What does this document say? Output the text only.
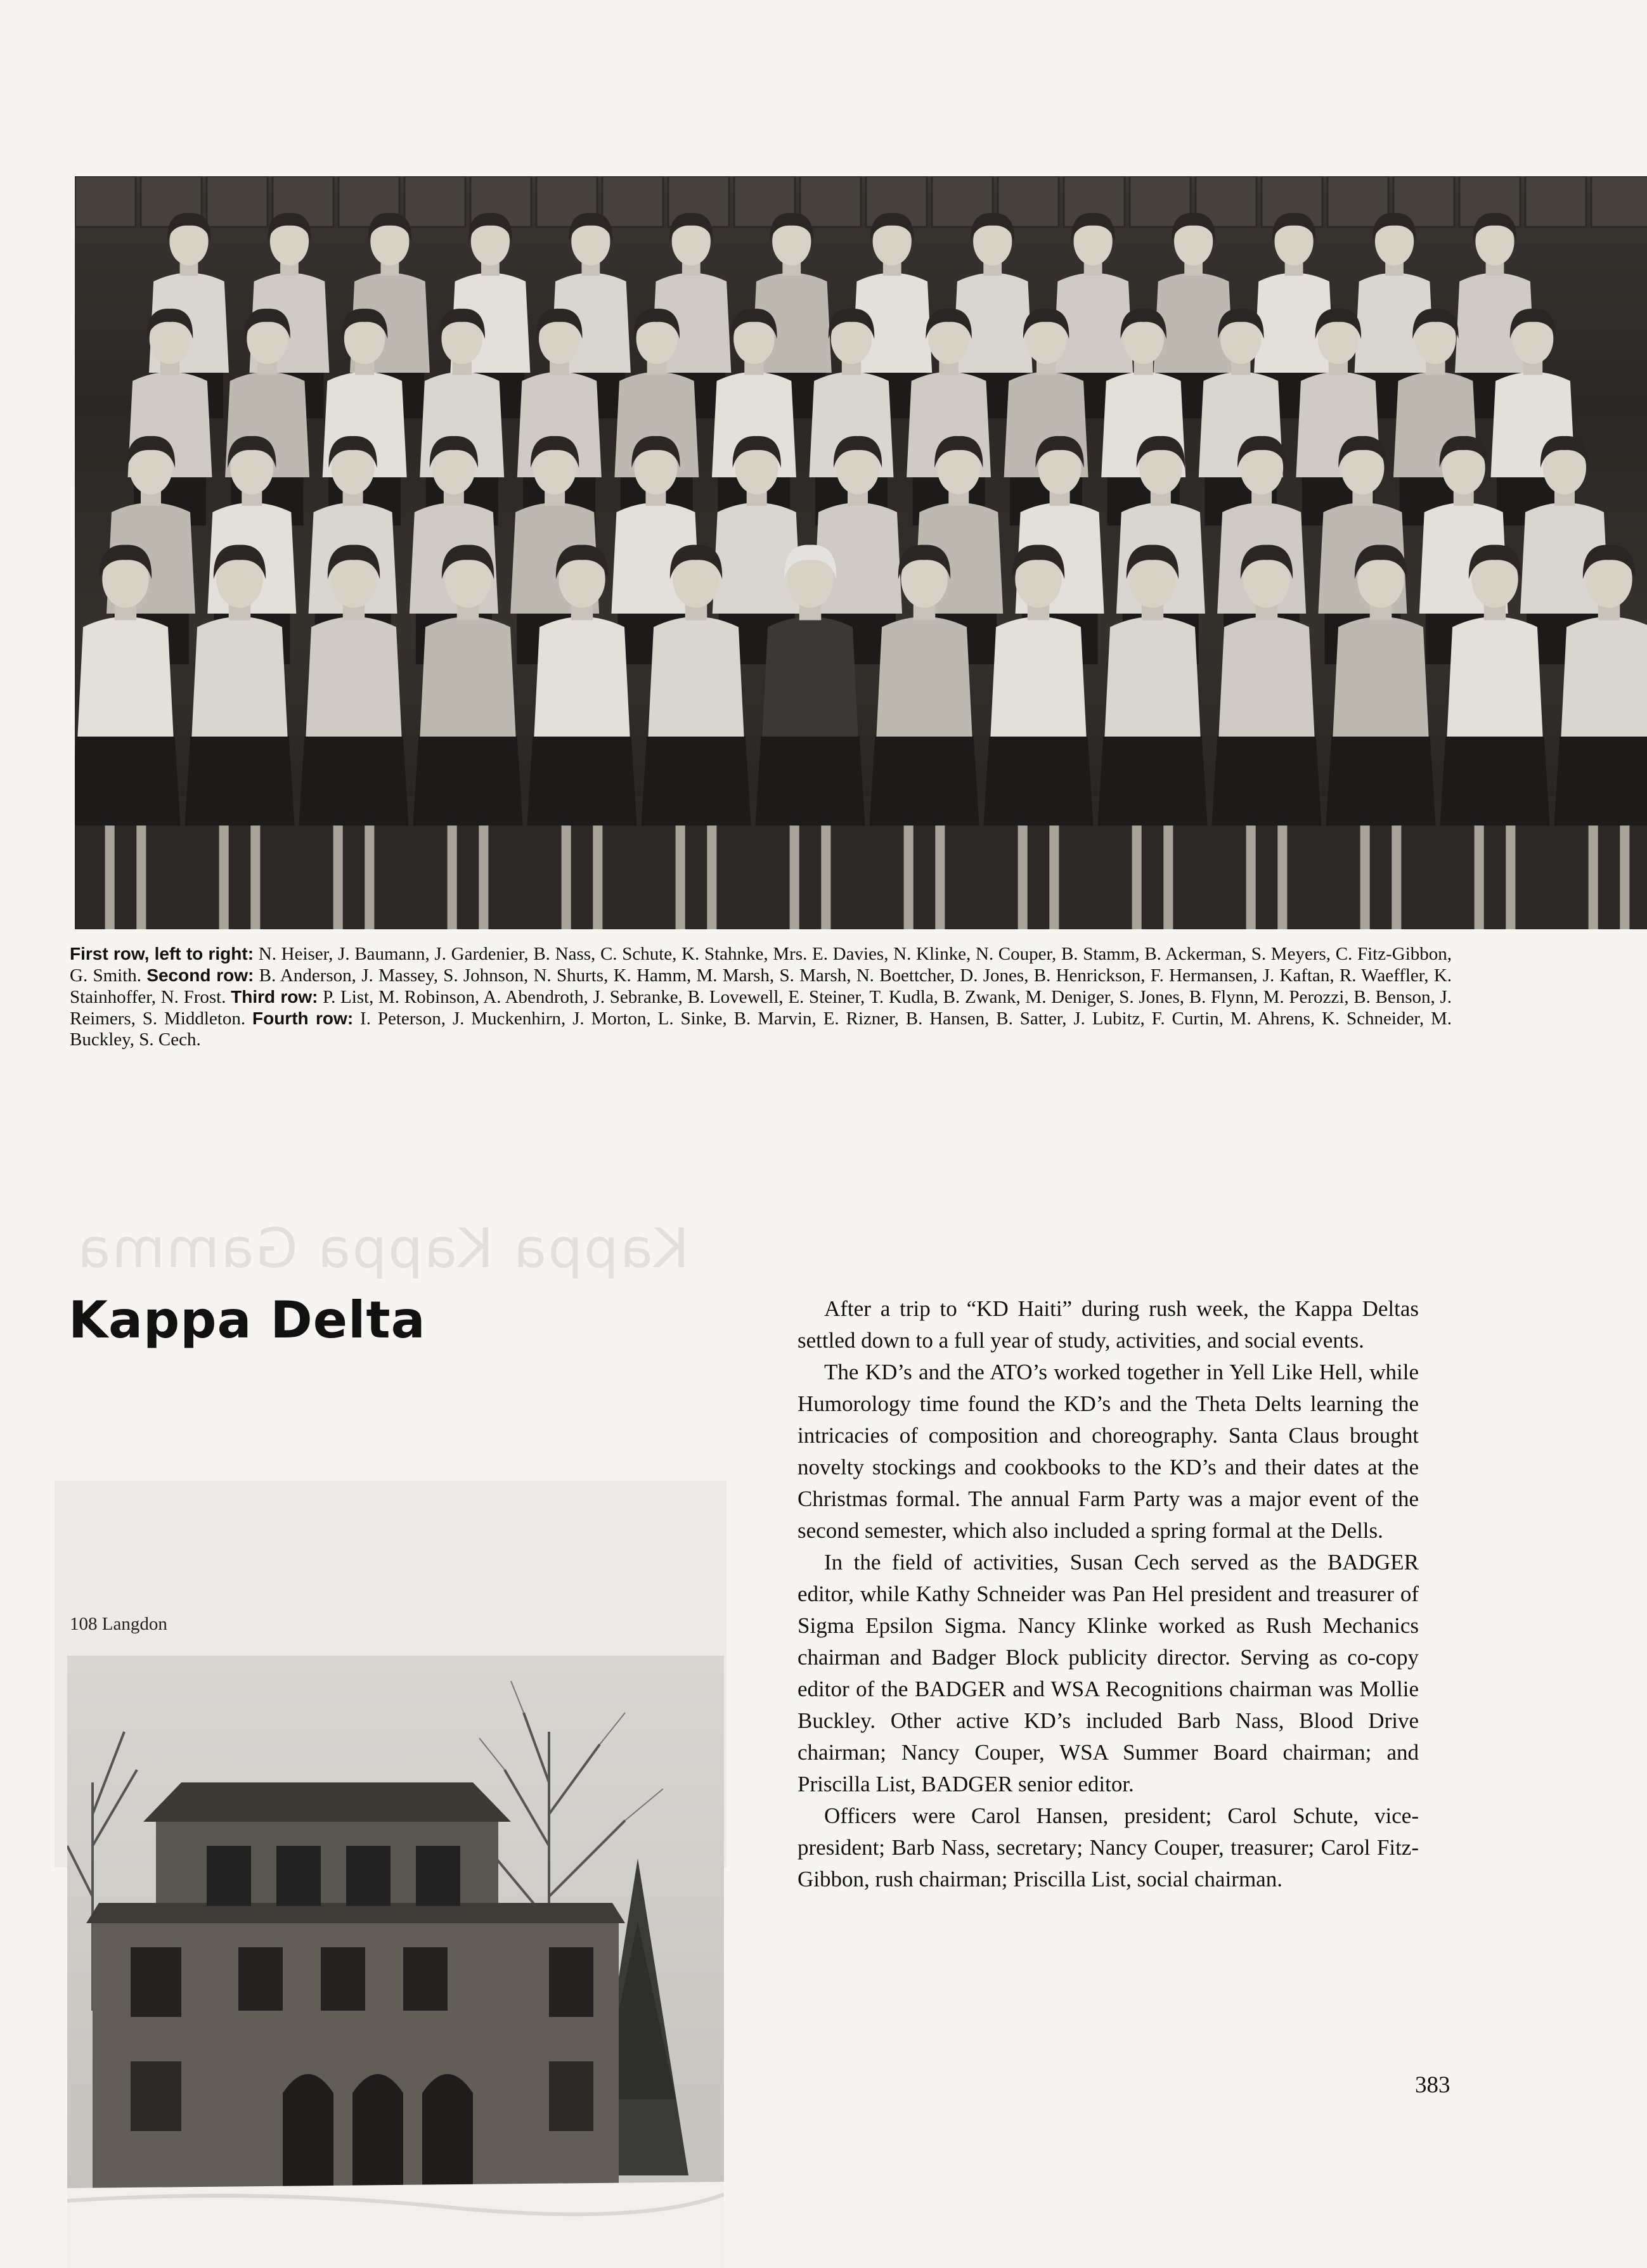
First row, left to right: N. Heiser, J. Baumann, J. Gardenier, B. Nass, C. Schute, K. Stahnke, Mrs. E. Davies, N. Klinke, N. Couper, B. Stamm, B. Ackerman, S. Meyers, C. Fitz-Gibbon, G. Smith. Second row: B. Anderson, J. Massey, S. Johnson, N. Shurts, K. Hamm, M. Marsh, S. Marsh, N. Boettcher, D. Jones, B. Henrickson, F. Hermansen, J. Kaftan, R. Waeffler, K. Stainhoffer, N. Frost. Third row: P. List, M. Robinson, A. Abendroth, J. Sebranke, B. Lovewell, E. Steiner, T. Kudla, B. Zwank, M. Deniger, S. Jones, B. Flynn, M. Perozzi, B. Benson, J. Reimers, S. Middleton. Fourth row: I. Peterson, J. Muckenhirn, J. Morton, L. Sinke, B. Marvin, E. Rizner, B. Hansen, B. Satter, J. Lubitz, F. Curtin, M. Ahrens, K. Schneider, M. Buckley, S. Cech.
Kappa Kappa Gamma
Kappa Delta
108 Langdon

After a trip to “KD Haiti” during rush week, the Kappa Deltas settled down to a full year of study, activities, and social events.

The KD’s and the ATO’s worked together in Yell Like Hell, while Humorology time found the KD’s and the Theta Delts learning the intricacies of composition and choreography. Santa Claus brought novelty stockings and cookbooks to the KD’s and their dates at the Christmas formal. The annual Farm Party was a major event of the second semester, which also included a spring formal at the Dells.

In the field of activities, Susan Cech served as the BADGER editor, while Kathy Schneider was Pan Hel president and treasurer of Sigma Epsilon Sigma. Nancy Klinke worked as Rush Mechanics chairman and Badger Block publicity director. Serving as co-copy editor of the BADGER and WSA Recognitions chairman was Mollie Buckley. Other active KD’s included Barb Nass, Blood Drive chairman; Nancy Couper, WSA Summer Board chairman; and Priscilla List, BADGER senior editor.

Officers were Carol Hansen, president; Carol Schute, vice-president; Barb Nass, secretary; Nancy Couper, treasurer; Carol Fitz-Gibbon, rush chairman; Priscilla List, social chairman.

383
